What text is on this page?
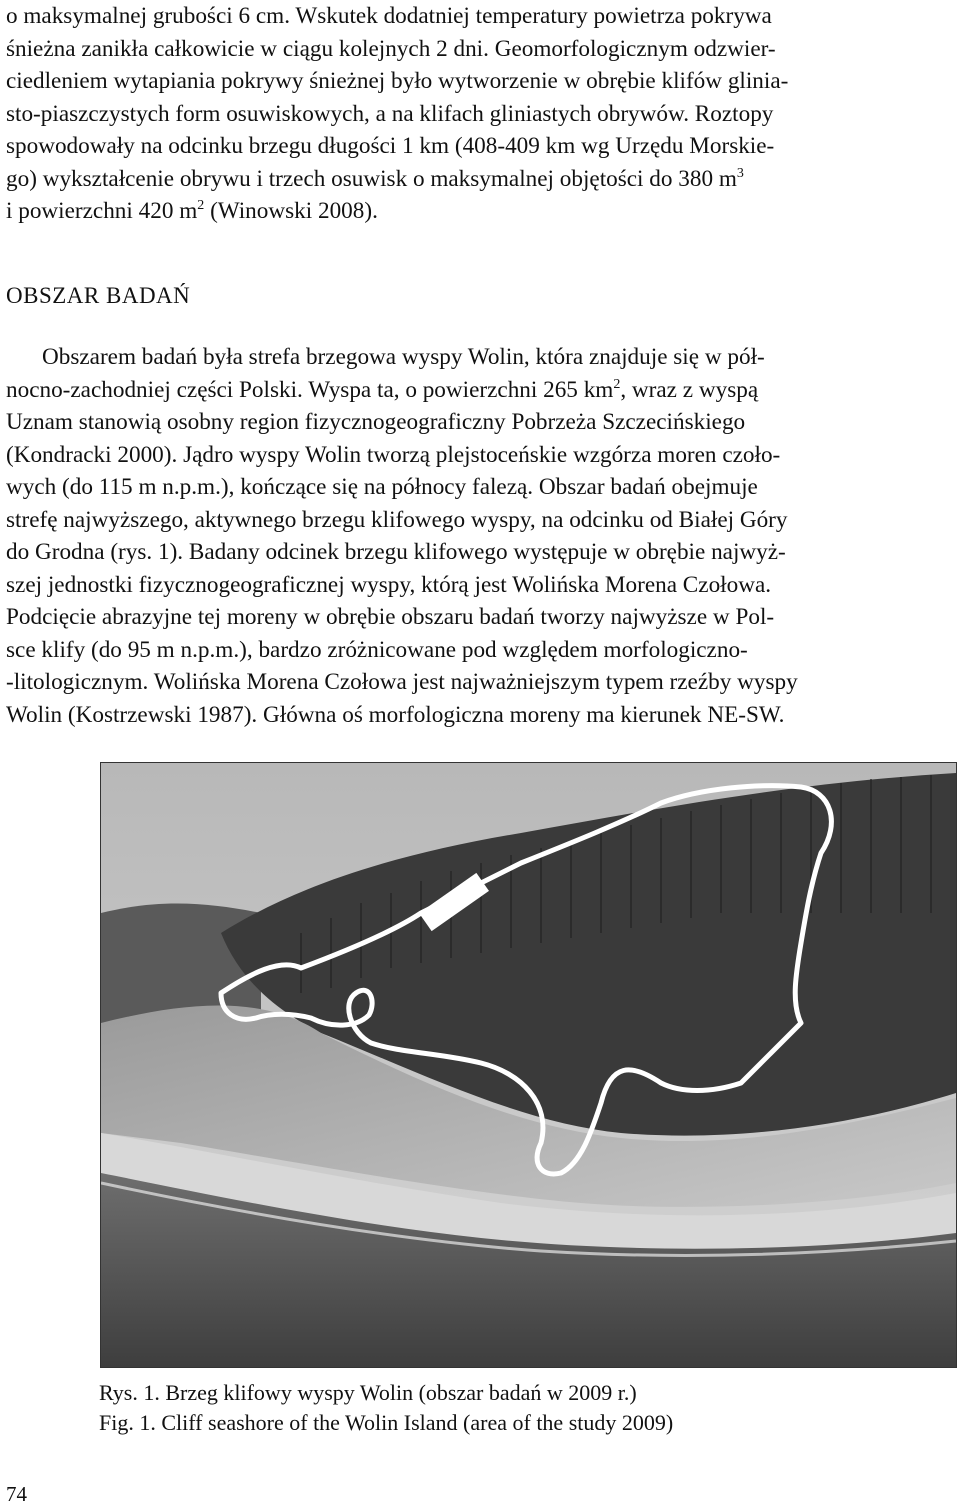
o maksymalnej grubości 6 cm. Wskutek dodatniej temperatury powietrza pokrywa
śnieżna zanikła całkowicie w ciągu kolejnych 2 dni. Geomorfologicznym odzwier-
ciedleniem wytapiania pokrywy śnieżnej było wytworzenie w obrębie klifów glinia-
sto-piaszczystych form osuwiskowych, a na klifach gliniastych obrywów. Roztopy
spowodowały na odcinku brzegu długości 1 km (408-409 km wg Urzędu Morskie-
go) wykształcenie obrywu i trzech osuwisk o maksymalnej objętości do 380 $m^3$
i powierzchni 420 $m^2$ (Winowski 2008).
OBSZAR BADAŃ
Obszarem badań była strefa brzegowa wyspy Wolin, która znajduje się w pół-
nocno-zachodniej części Polski. Wyspa ta, o powierzchni 265 $km^2$, wraz z wyspą
Uznam stanowią osobny region fizycznogeograficzny Pobrzeża Szczecińskiego
(Kondracki 2000). Jądro wyspy Wolin tworzą plejstoceńskie wzgórza moren czoło-
wych (do 115 m n.p.m.), kończące się na północy falezą. Obszar badań obejmuje
strefę najwyższego, aktywnego brzegu klifowego wyspy, na odcinku od Białej Góry
do Grodna (rys. 1). Badany odcinek brzegu klifowego występuje w obrębie najwyż-
szej jednostki fizycznogeograficznej wyspy, którą jest Wolińska Morena Czołowa.
Podcięcie abrazyjne tej moreny w obrębie obszaru badań tworzy najwyższe w Pol-
sce klify (do 95 m n.p.m.), bardzo zróżnicowane pod względem morfologiczno-
-litologicznym. Wolińska Morena Czołowa jest najważniejszym typem rzeźby wyspy
Wolin (Kostrzewski 1987). Główna oś morfologiczna moreny ma kierunek NE-SW.

Rys. 1. Brzeg klifowy wyspy Wolin (obszar badań w 2009 r.)

Fig. 1. Cliff seashore of the Wolin Island (area of the study 2009)

74
